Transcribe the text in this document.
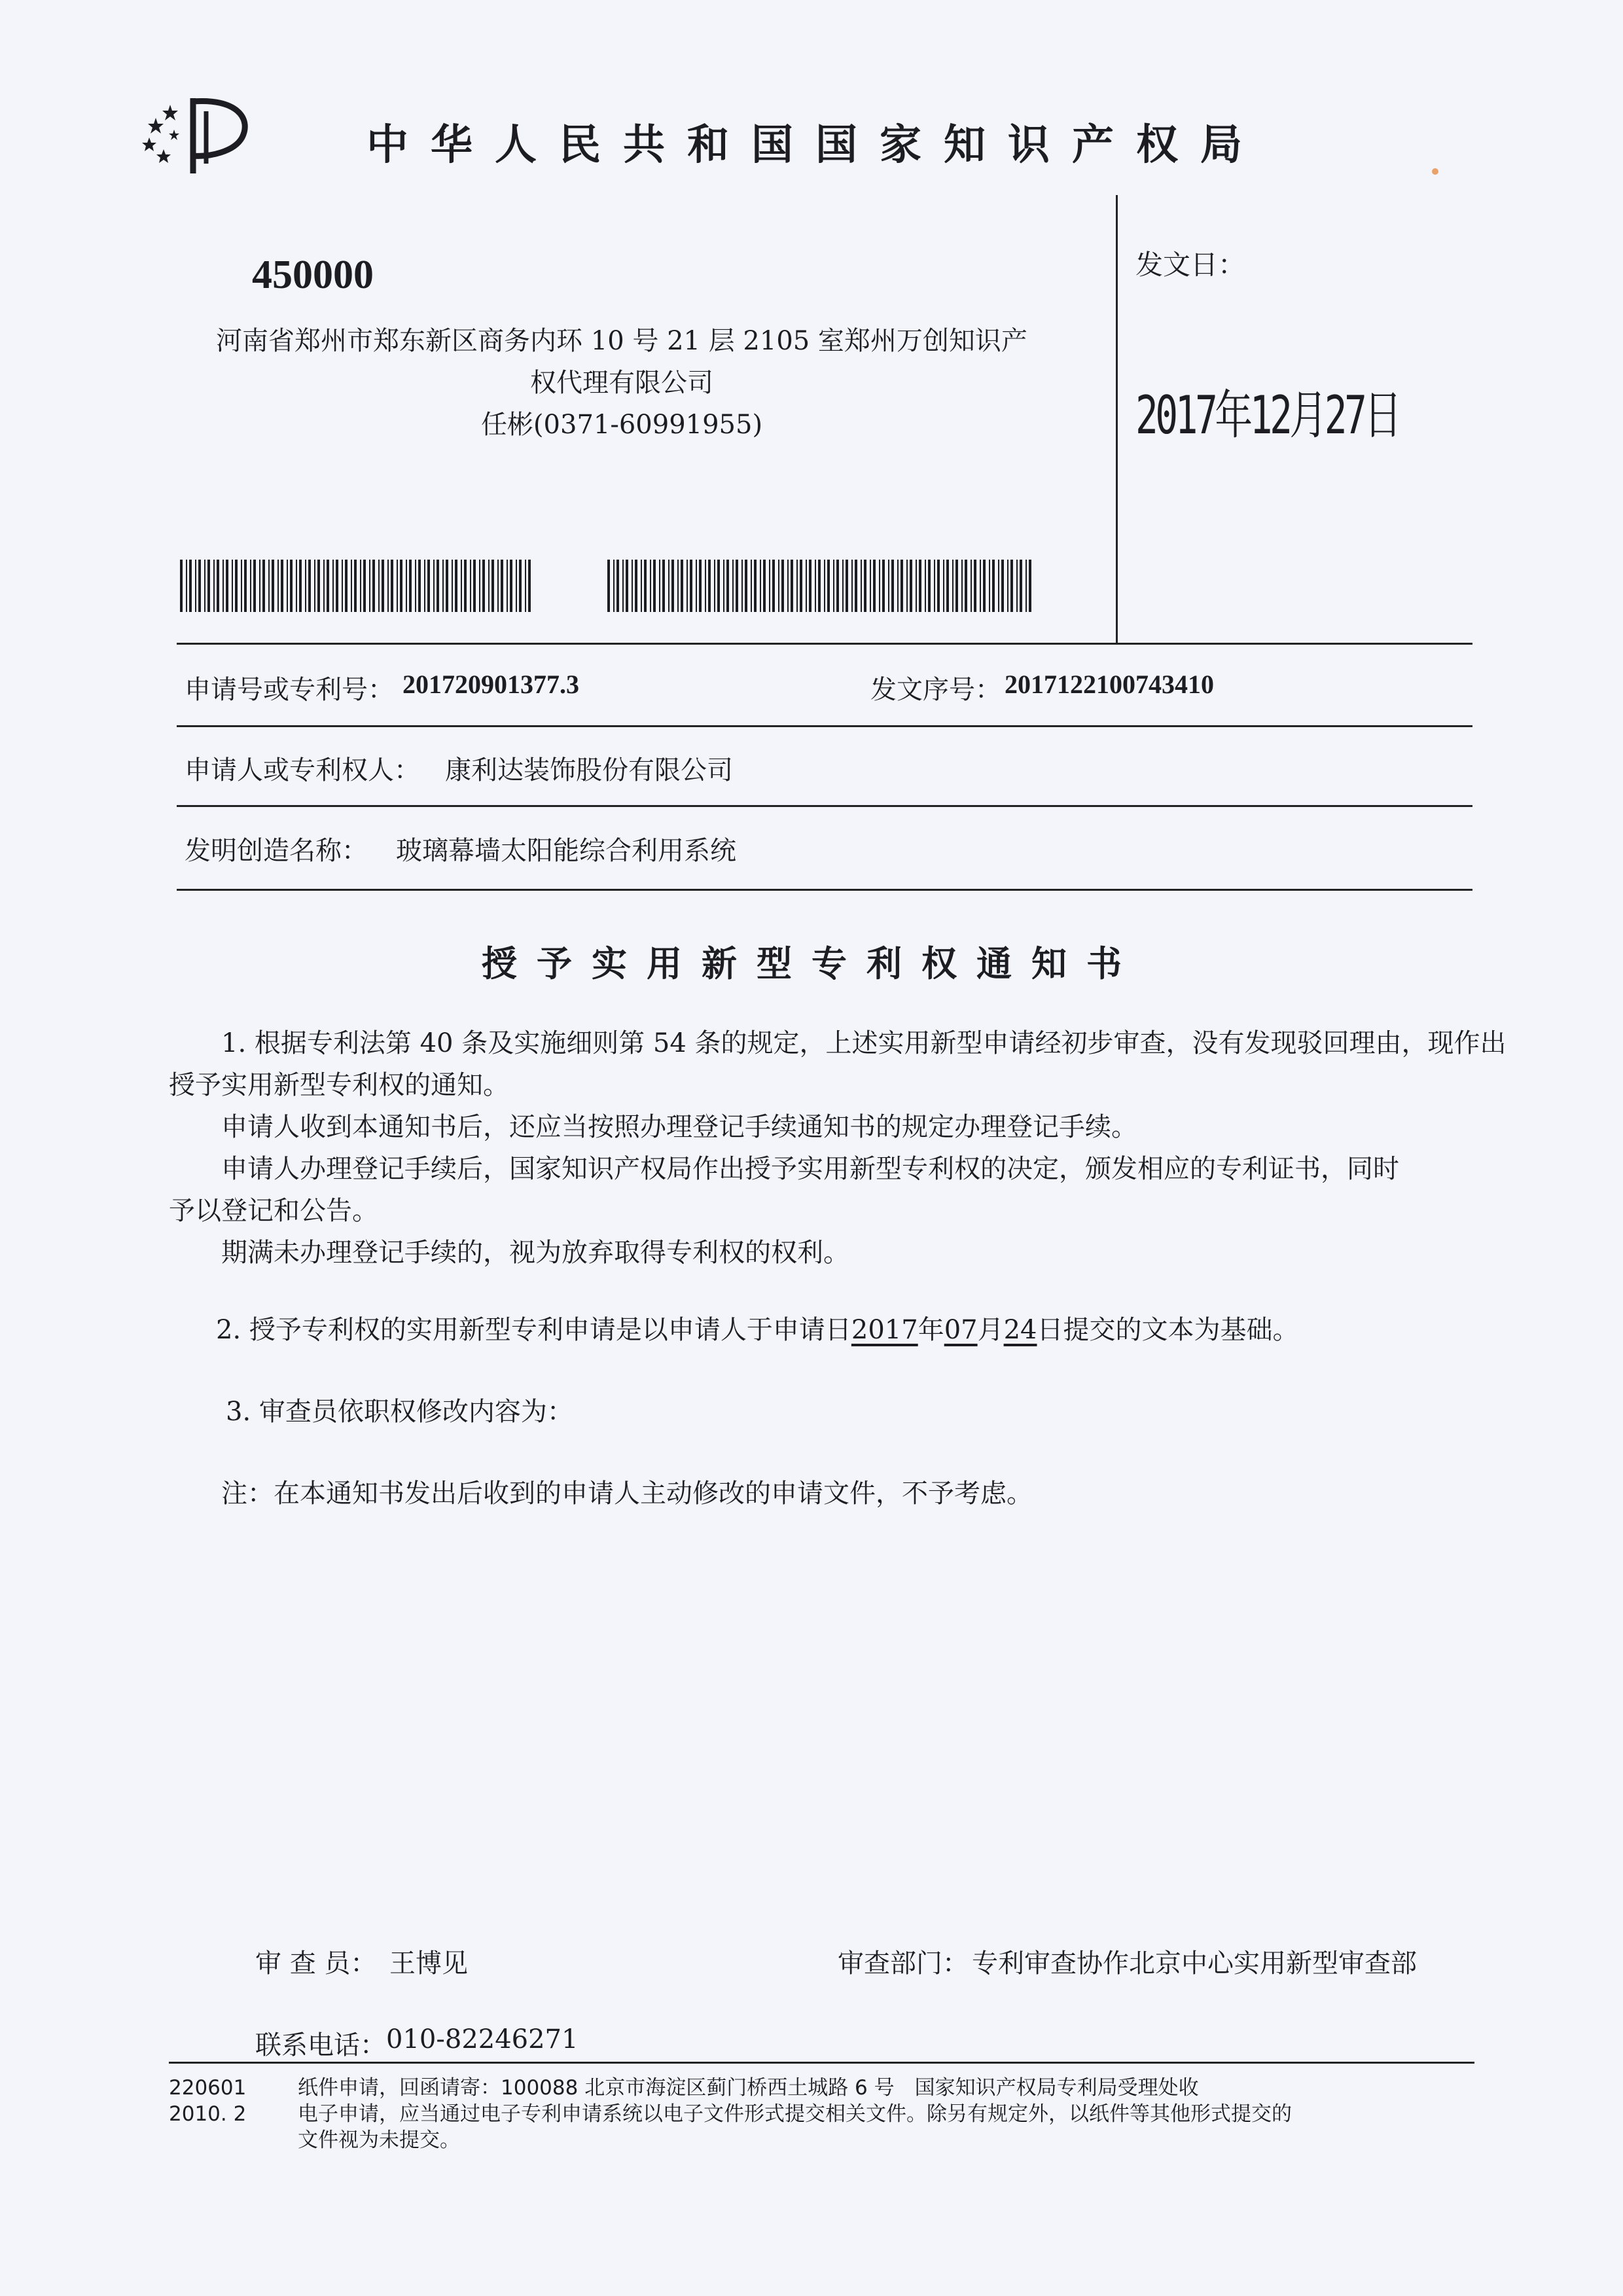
中华人民共和国国家知识产权局
450000
河南省郑州市郑东新区商务内环 10 号 21 层 2105 室郑州万创知识产
权代理有限公司
任彬(0371-60991955)
发文日：
2017年12月27日
申请号或专利号： 201720901377.3	发文序号： 2017122100743410
申请人或专利权人： 康利达装饰股份有限公司
发明创造名称： 玻璃幕墙太阳能综合利用系统
授予实用新型专利权通知书
1. 根据专利法第 40 条及实施细则第 54 条的规定，上述实用新型申请经初步审查，没有发现驳回理由，现作出
授予实用新型专利权的通知。
申请人收到本通知书后，还应当按照办理登记手续通知书的规定办理登记手续。
申请人办理登记手续后，国家知识产权局作出授予实用新型专利权的决定，颁发相应的专利证书，同时
予以登记和公告。
期满未办理登记手续的，视为放弃取得专利权的权利。
2. 授予专利权的实用新型专利申请是以申请人于申请日2017年07月24日提交的文本为基础。
3. 审查员依职权修改内容为：
注：在本通知书发出后收到的申请人主动修改的申请文件，不予考虑。
审 查 员： 王博见	审查部门： 专利审查协作北京中心实用新型审查部
联系电话： 010-82246271
220601
2010. 2
纸件申请，回函请寄：100088 北京市海淀区蓟门桥西土城路 6 号　国家知识产权局专利局受理处收
电子申请，应当通过电子专利申请系统以电子文件形式提交相关文件。除另有规定外，以纸件等其他形式提交的
文件视为未提交。
